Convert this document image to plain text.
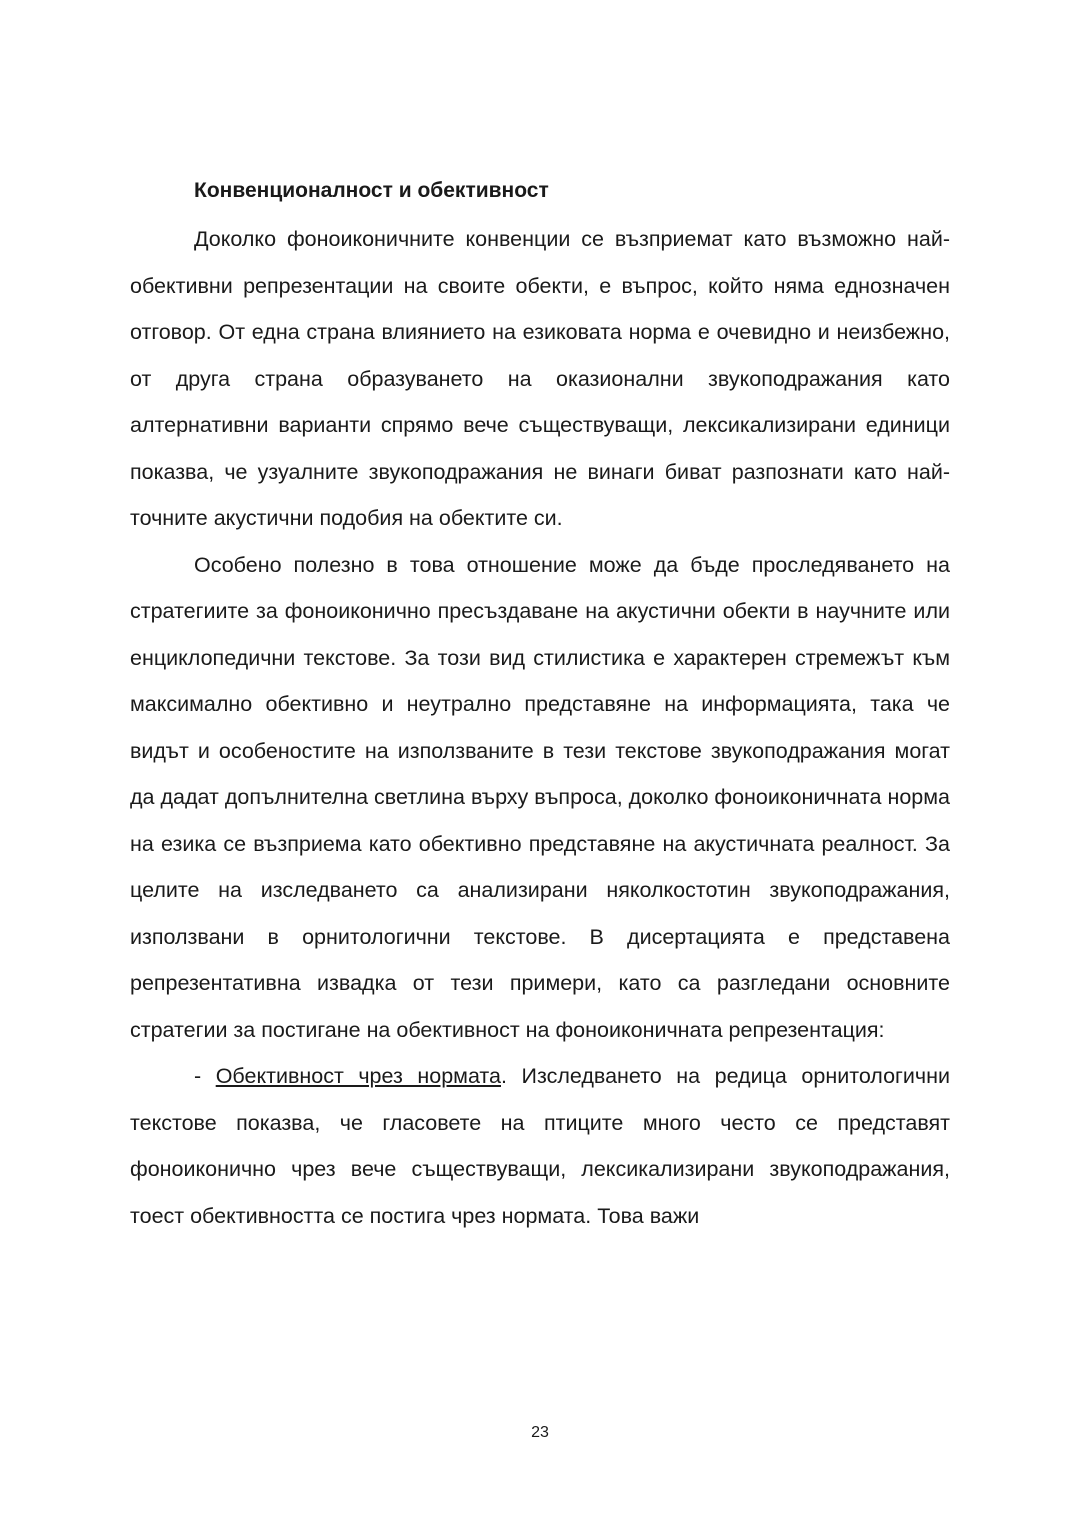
Конвенционалност и обективност

Доколко фоноиконичните конвенции се възприемат като възможно най-обективни репрезентации на своите обекти, е въпрос, който няма еднозначен отговор. От една страна влиянието на езиковата норма е очевидно и неизбежно, от друга страна образуването на оказионални звукоподражания като алтернативни варианти спрямо вече съществуващи, лексикализирани единици показва, че узуалните звукоподражания не винаги биват разпознати като най-точните акустични подобия на обектите си.

Особено полезно в това отношение може да бъде проследяването на стратегиите за фоноиконично пресъздаване на акустични обекти в научните или енциклопедични текстове. За този вид стилистика е характерен стремежът към максимално обективно и неутрално представяне на информацията, така че видът и особеностите на използваните в тези текстове звукоподражания могат да дадат допълнителна светлина върху въпроса, доколко фоноиконичната норма на езика се възприема като обективно представяне на акустичната реалност. За целите на изследването са анализирани няколкостотин звукоподражания, използвани в орнитологични текстове. В дисертацията е представена репрезентативна извадка от тези примери, като са разгледани основните стратегии за постигане на обективност на фоноиконичната репрезентация:

- Обективност чрез нормата. Изследването на редица орнитологични текстове показва, че гласовете на птиците много често се представят фоноиконично чрез вече съществуващи, лексикализирани звукоподражания, тоест обективността се постига чрез нормата. Това важи

23
